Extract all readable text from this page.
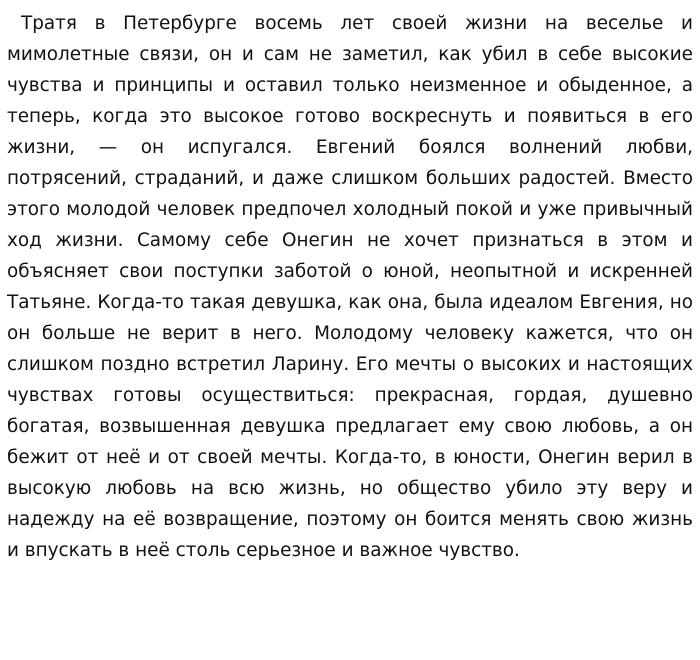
Тратя в Петербурге восемь лет своей жизни на веселье и мимолетные связи, он и сам не заметил, как убил в себе высокие чувства и принципы и оставил только неизменное и обыденное, а теперь, когда это высокое готово воскреснуть и появиться в его жизни, — он испугался. Евгений боялся волнений любви, потрясений, страданий, и даже слишком больших радостей. Вместо этого молодой человек предпочел холодный покой и уже привычный ход жизни. Самому себе Онегин не хочет признаться в этом и объясняет свои поступки заботой о юной, неопытной и искренней Татьяне. Когда-то такая девушка, как она, была идеалом Евгения, но он больше не верит в него. Молодому человеку кажется, что он слишком поздно встретил Ларину. Его мечты о высоких и настоящих чувствах готовы осуществиться: прекрасная, гордая, душевно богатая, возвышенная девушка предлагает ему свою любовь, а он бежит от неё и от своей мечты. Когда-то, в юности, Онегин верил в высокую любовь на всю жизнь, но общество убило эту веру и надежду на её возвращение, поэтому он боится менять свою жизнь и впускать в неё столь серьезное и важное чувство.
